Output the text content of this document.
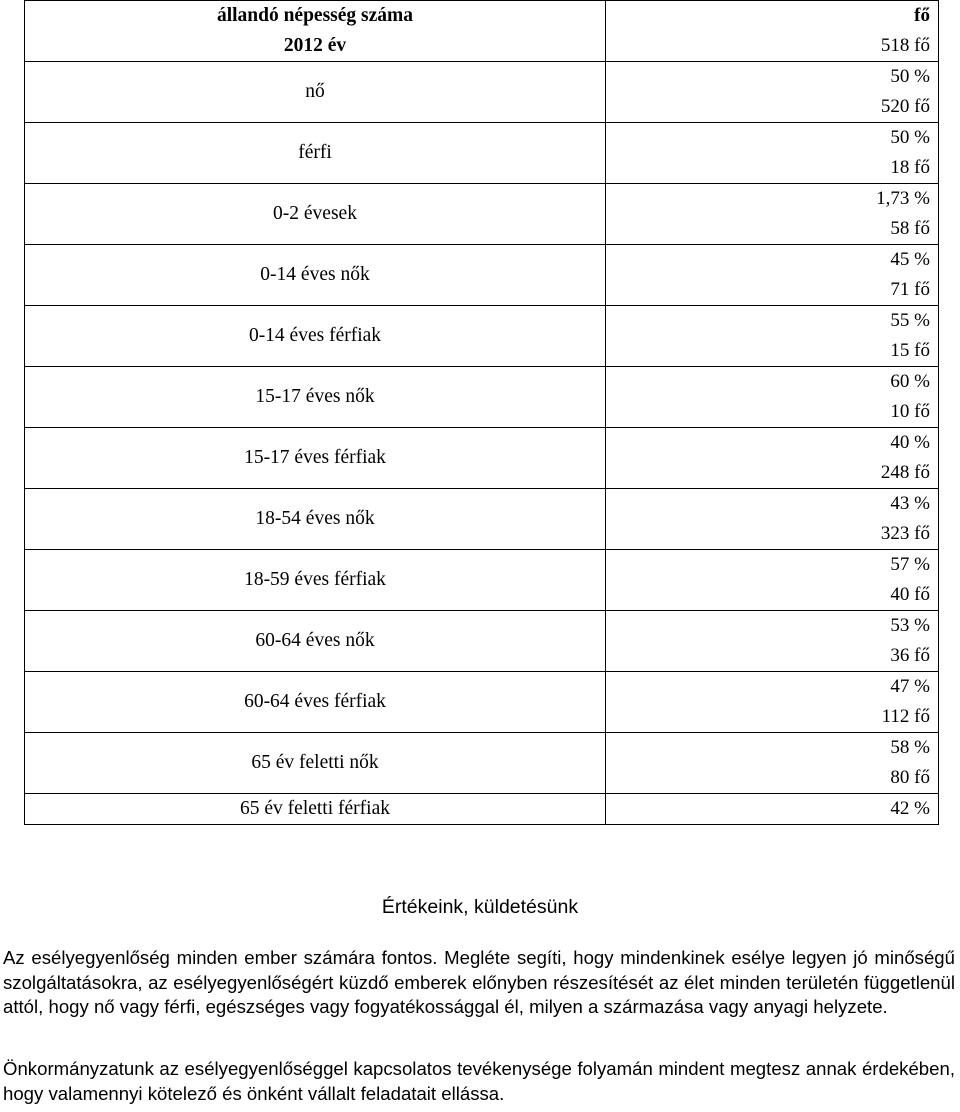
állandó népesség száma
2012 év	fő
518 fő

nő	50 %
520 fő

férfi	50 %
18 fő

0-2 évesek	1,73 %
58 fő

0-14 éves nők	45 %
71 fő

0-14 éves férfiak	55 %
15 fő

15-17 éves nők	60 %
10 fő

15-17 éves férfiak	40 %
248 fő

18-54 éves nők	43 %
323 fő

18-59 éves férfiak	57 %
40 fő

60-64 éves nők	53 %
36 fő

60-64 éves férfiak	47 %
112 fő

65 év feletti nők	58 %
80 fő

65 év feletti férfiak	42 %
Értékeink, küldetésünk

Az esélyegyenlőség minden ember számára fontos. Megléte segíti, hogy mindenkinek esélye legyen jó minőségű szolgáltatásokra, az esélyegyenlőségért küzdő emberek előnyben részesítését az élet minden területén függetlenül attól, hogy nő vagy férfi, egészséges vagy fogyatékossággal él, milyen a származása vagy anyagi helyzete.

Önkormányzatunk az esélyegyenlőséggel kapcsolatos tevékenysége folyamán mindent megtesz annak érdekében, hogy valamennyi kötelező és önként vállalt feladatait ellássa.
